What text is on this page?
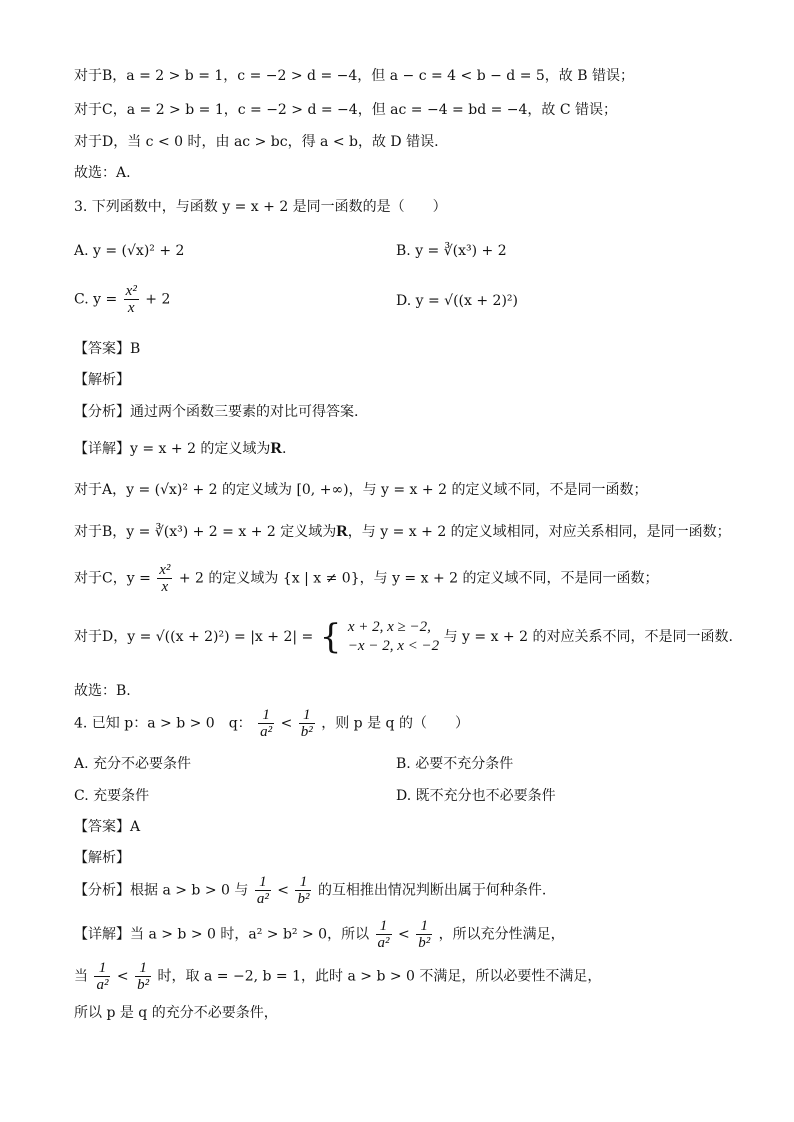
对于B，a = 2 > b = 1，c = −2 > d = −4，但 a − c = 4 < b − d = 5，故 B 错误；
对于C，a = 2 > b = 1，c = −2 > d = −4，但 ac = −4 = bd = −4，故 C 错误；
对于D，当 c < 0 时，由 ac > bc，得 a < b，故 D 错误.
故选：A.
3. 下列函数中，与函数 y = x + 2 是同一函数的是（　　）
A. y = (√x)² + 2	B. y = ∛(x³) + 2
C. $y = \frac{\text{x²}}{x} + 2$	D. y = √((x + 2)²)
【答案】B
【解析】
【分析】通过两个函数三要素的对比可得答案.
【详解】y = x + 2 的定义域为R.
对于A，y = (√x)² + 2 的定义域为 [0, +∞)，与 y = x + 2 的定义域不同，不是同一函数；
对于B，y = ∛(x³) + 2 = x + 2 定义域为R，与 y = x + 2 的定义域相同，对应关系相同，是同一函数；
对于C，$y = \frac{\text{x²}}{x} + 2$ 的定义域为 {x | x ≠ 0}，与 y = x + 2 的定义域不同，不是同一函数；
对于D，y = √((x + 2)²) = |x + 2| = { x + 2, x ≥ −2,
−x − 2, x < −2
与 y = x + 2 的对应关系不同，不是同一函数.
故选：B.
4. 已知 p：a > b > 0　q： $\frac{1}{\text{a²}} < \frac{1}{\text{b²}}$ ，则 p 是 q 的（　　）
A. 充分不必要条件	B. 必要不充分条件
C. 充要条件	D. 既不充分也不必要条件
【答案】A
【解析】
【分析】根据 a > b > 0 与 $\frac{1}{\text{a²}} < \frac{1}{\text{b²}}$ 的互相推出情况判断出属于何种条件.
【详解】当 a > b > 0 时，a² > b² > 0，所以 $\frac{1}{\text{a²}} < \frac{1}{\text{b²}}$ ，所以充分性满足，
当 $\frac{1}{\text{a²}} < \frac{1}{\text{b²}}$ 时，取 a = −2, b = 1，此时 a > b > 0 不满足，所以必要性不满足，
所以 p 是 q 的充分不必要条件，
